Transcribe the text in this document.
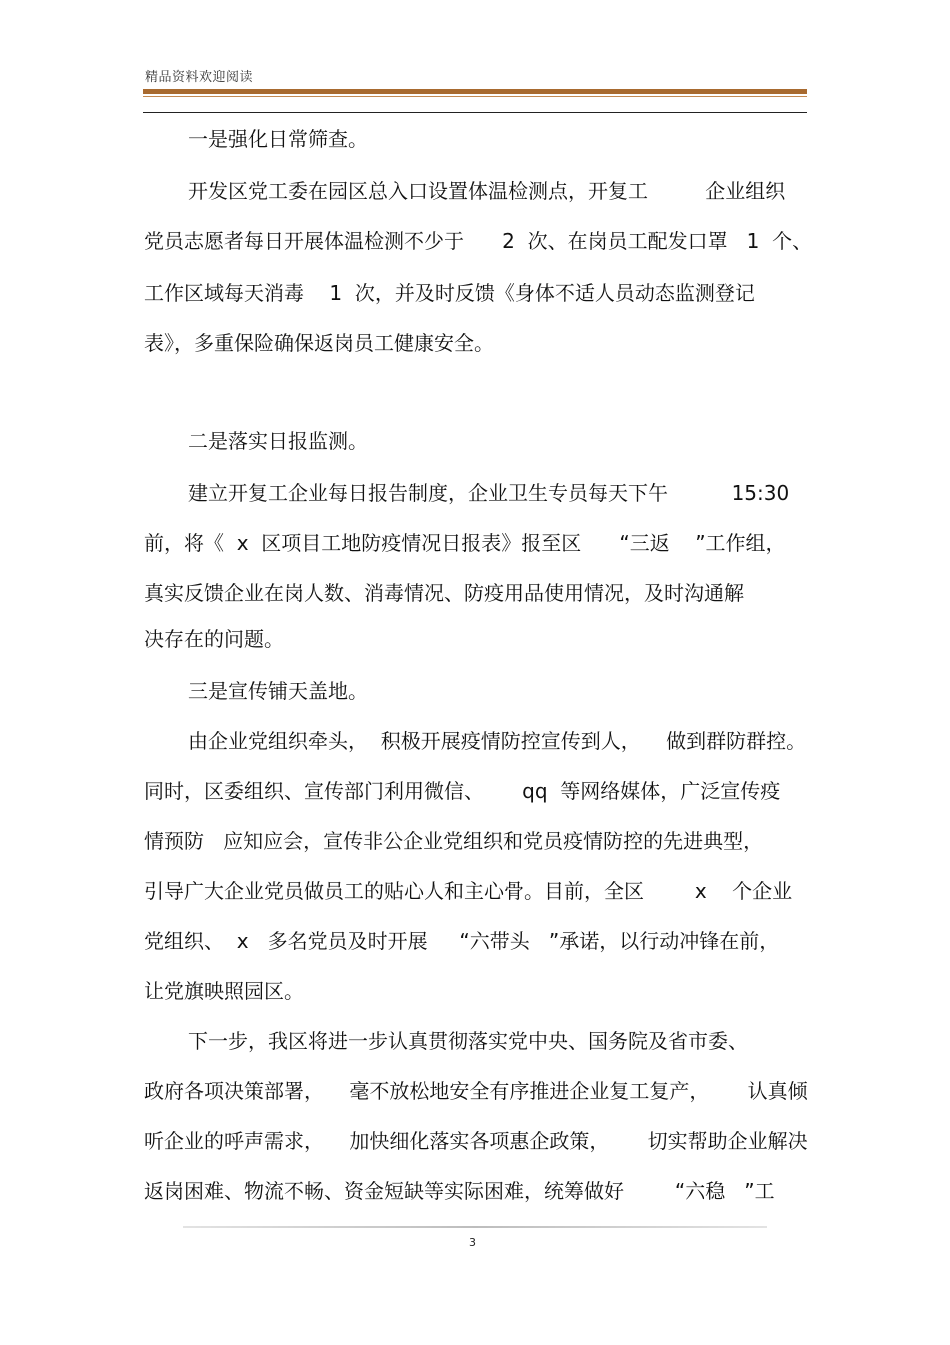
精品资料欢迎阅读
一是强化日常筛查。
开发区党工委在园区总入口设置体温检测点，开复工         企业组织
党员志愿者每日开展体温检测不少于      2  次、在岗员工配发口罩   1  个、
工作区域每天消毒    1  次，并及时反馈《身体不适人员动态监测登记
表》，多重保险确保返岗员工健康安全。
二是落实日报监测。
建立开复工企业每日报告制度，企业卫生专员每天下午          15:30
前，将《  x  区项目工地防疫情况日报表》报至区      “三返    ”工作组，
真实反馈企业在岗人数、消毒情况、防疫用品使用情况，及时沟通解
决存在的问题。
三是宣传铺天盖地。
由企业党组织牵头，  积极开展疫情防控宣传到人，    做到群防群控。
同时，区委组织、宣传部门利用微信、      qq  等网络媒体，广泛宣传疫
情预防   应知应会，宣传非公企业党组织和党员疫情防控的先进典型，
引导广大企业党员做员工的贴心人和主心骨。目前，全区        x    个企业
党组织、  x   多名党员及时开展     “六带头   ”承诺，以行动冲锋在前，
让党旗映照园区。
下一步，我区将进一步认真贯彻落实党中央、国务院及省市委、
政府各项决策部署，    毫不放松地安全有序推进企业复工复产，      认真倾
听企业的呼声需求，    加快细化落实各项惠企政策，      切实帮助企业解决
返岗困难、物流不畅、资金短缺等实际困难，统筹做好        “六稳   ”工
3
